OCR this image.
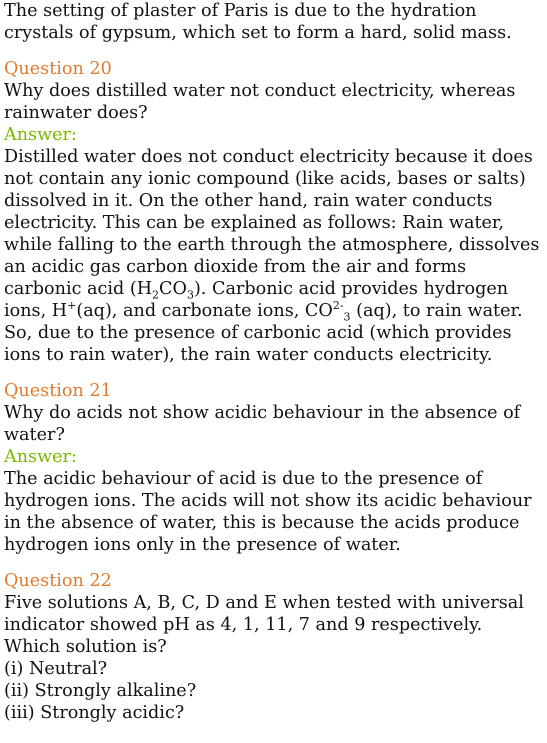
The setting of plaster of Paris is due to the hydration crystals of gypsum, which set to form a hard, solid mass.

Question 20

Why does distilled water not conduct electricity, whereas rainwater does?

Answer:

Distilled water does not conduct electricity because it does not contain any ionic compound (like acids, bases or salts) dissolved in it. On the other hand, rain water conducts electricity. This can be explained as follows: Rain water, while falling to the earth through the atmosphere, dissolves an acidic gas carbon dioxide from the air and forms carbonic acid $(H_2CO_3)$. Carbonic acid provides hydrogen ions, H+(aq), and carbonate ions, $CO^{2-}_3$ (aq), to rain water. So, due to the presence of carbonic acid (which provides ions to rain water), the rain water conducts electricity.

Question 21

Why do acids not show acidic behaviour in the absence of water?

Answer:

The acidic behaviour of acid is due to the presence of hydrogen ions. The acids will not show its acidic behaviour in the absence of water, this is because the acids produce hydrogen ions only in the presence of water.

Question 22

Five solutions A, B, C, D and E when tested with universal indicator showed pH as 4, 1, 11, 7 and 9 respectively. Which solution is?

(i) Neutral?

(ii) Strongly alkaline?

(iii) Strongly acidic?
